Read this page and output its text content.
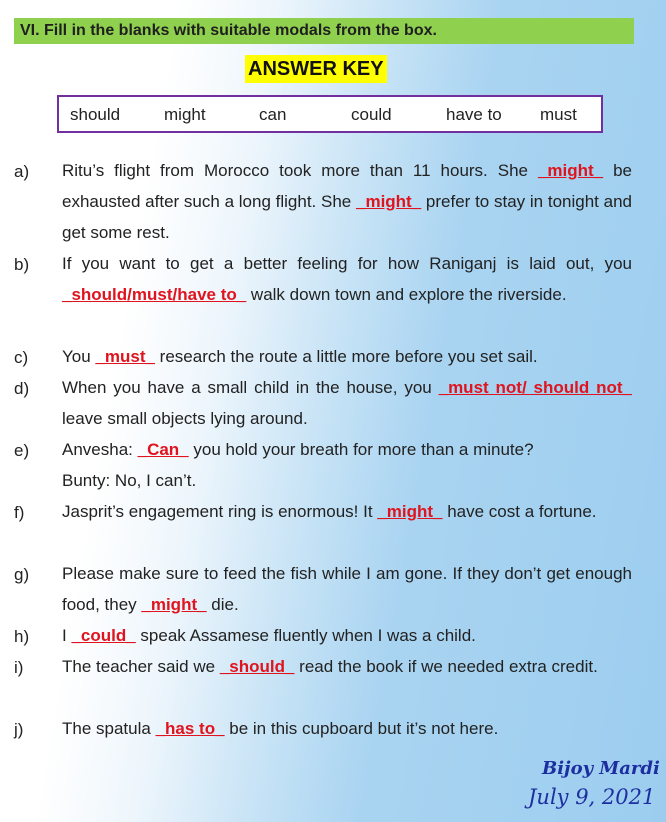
VI. Fill in the blanks with suitable modals from the box.
ANSWER KEY
should	might	can	could	have to must
a) Ritu’s flight from Morocco took more than 11 hours. She _might_ be exhausted after such a long flight. She _might_ prefer to stay in tonight and get some rest.
b) If you want to get a better feeling for how Raniganj is laid out, you _should/must/have to_ walk down town and explore the riverside.
c) You _must_ research the route a little more before you set sail.
d) When you have a small child in the house, you _must not/ should not_ leave small objects lying around.
e) Anvesha: _Can_ you hold your breath for more than a minute?
Bunty: No, I can’t.
f) Jasprit’s engagement ring is enormous! It _might_ have cost a fortune.
g) Please make sure to feed the fish while I am gone. If they don’t get enough food, they _might_ die.
h) I _could_ speak Assamese fluently when I was a child.
i) The teacher said we _should_ read the book if we needed extra credit.
j) The spatula _has to_ be in this cupboard but it’s not here.
Bijoy Mardi
July 9, 2021
